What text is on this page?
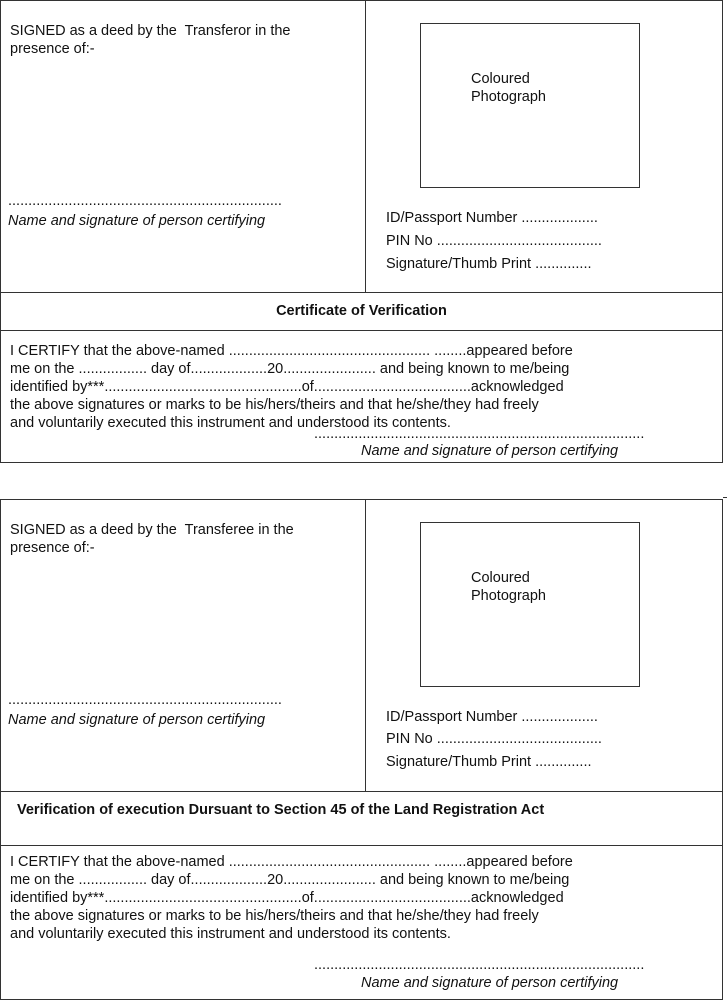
SIGNED as a deed by the  Transferor in the
presence of:-
....................................................................
Name and signature of person certifying
Coloured
Photograph
ID/Passport Number ...................
PIN No .........................................
Signature/Thumb Print ..............
Certificate of Verification
I CERTIFY that the above-named .................................................. ........appeared before
me on the ................. day of...................20....................... and being known to me/being
identified by***.................................................of.......................................acknowledged
the above signatures or marks to be his/hers/theirs and that he/she/they had freely
and voluntarily executed this instrument and understood its contents.
..................................................................................
Name and signature of person certifying
SIGNED as a deed by the  Transferee in the
presence of:-
....................................................................
Name and signature of person certifying
Coloured
Photograph
ID/Passport Number ...................
PIN No .........................................
Signature/Thumb Print ..............
Verification of execution Dursuant to Section 45 of the Land Registration Act
I CERTIFY that the above-named .................................................. ........appeared before
me on the ................. day of...................20....................... and being known to me/being
identified by***.................................................of.......................................acknowledged
the above signatures or marks to be his/hers/theirs and that he/she/they had freely
and voluntarily executed this instrument and understood its contents.
..................................................................................
Name and signature of person certifying
